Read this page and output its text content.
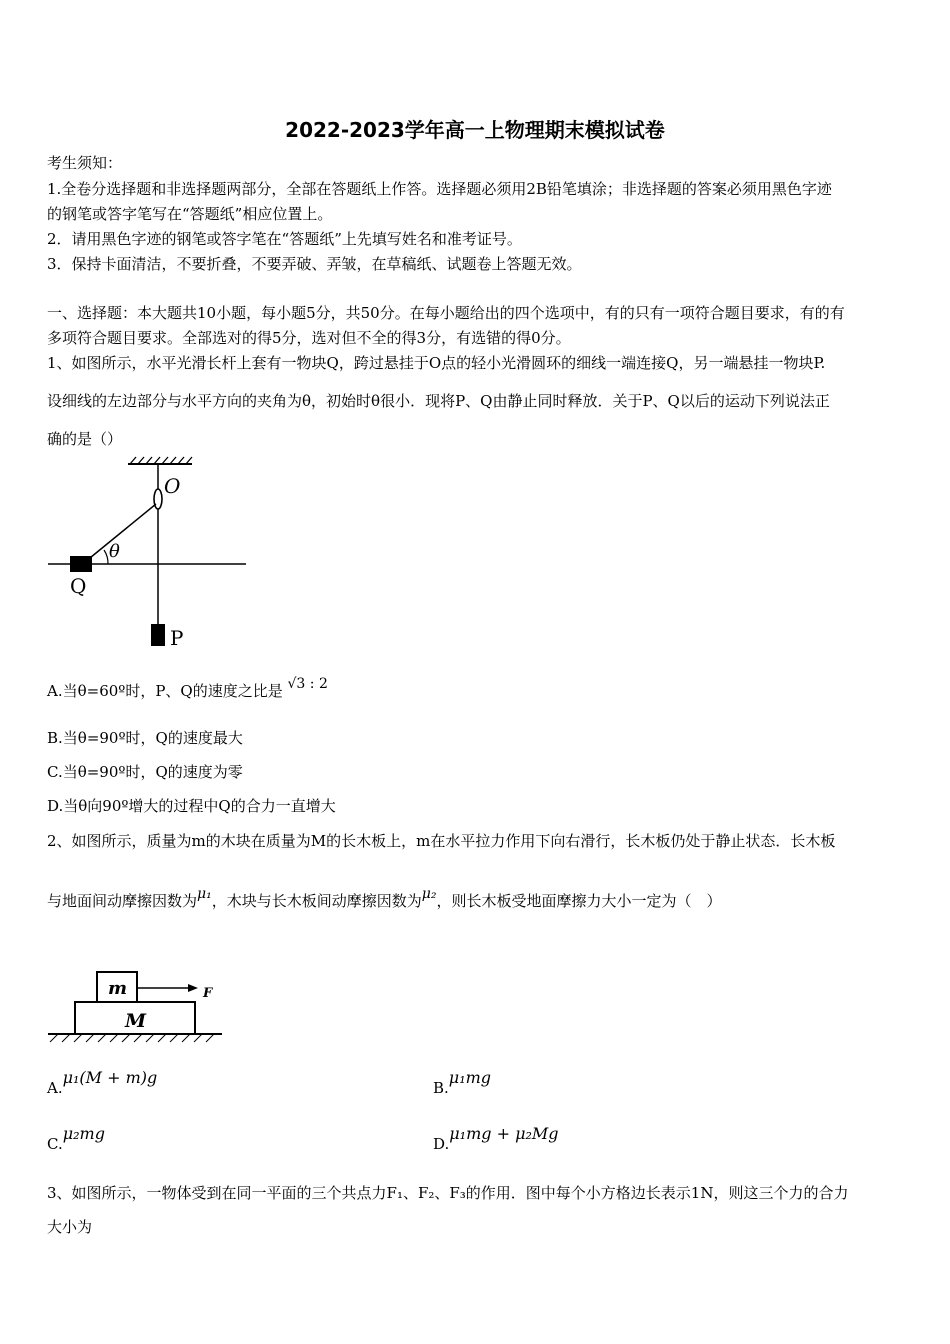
2022-2023学年高一上物理期末模拟试卷
考生须知：
1.全卷分选择题和非选择题两部分，全部在答题纸上作答。选择题必须用2B铅笔填涂；非选择题的答案必须用黑色字迹
的钢笔或答字笔写在“答题纸”相应位置上。
2．请用黑色字迹的钢笔或答字笔在“答题纸”上先填写姓名和准考证号。
3．保持卡面清洁，不要折叠，不要弄破、弄皱，在草稿纸、试题卷上答题无效。
一、选择题：本大题共10小题，每小题5分，共50分。在每小题给出的四个选项中，有的只有一项符合题目要求，有的有
多项符合题目要求。全部选对的得5分，选对但不全的得3分，有选错的得0分。
1、如图所示，水平光滑长杆上套有一物块Q，跨过悬挂于O点的轻小光滑圆环的细线一端连接Q，另一端悬挂一物块P.
设细线的左边部分与水平方向的夹角为θ，初始时θ很小．现将P、Q由静止同时释放．关于P、Q以后的运动下列说法正
确的是（）
O
θ
Q
P
A.当θ=60º时，P、Q的速度之比是 √3 : 2
B.当θ=90º时，Q的速度最大
C.当θ=90º时，Q的速度为零
D.当θ向90º增大的过程中Q的合力一直增大
2、如图所示，质量为m的木块在质量为M的长木板上，m在水平拉力作用下向右滑行，长木板仍处于静止状态．长木板
与地面间动摩擦因数为μ₁，木块与长木板间动摩擦因数为μ₂，则长木板受地面摩擦力大小一定为（　）
m
M
F
A.μ₁(M + m)g
B.μ₁mg
C.μ₂mg
D.μ₁mg + μ₂Mg
3、如图所示，一物体受到在同一平面的三个共点力F₁、F₂、F₃的作用．图中每个小方格边长表示1N，则这三个力的合力
大小为
